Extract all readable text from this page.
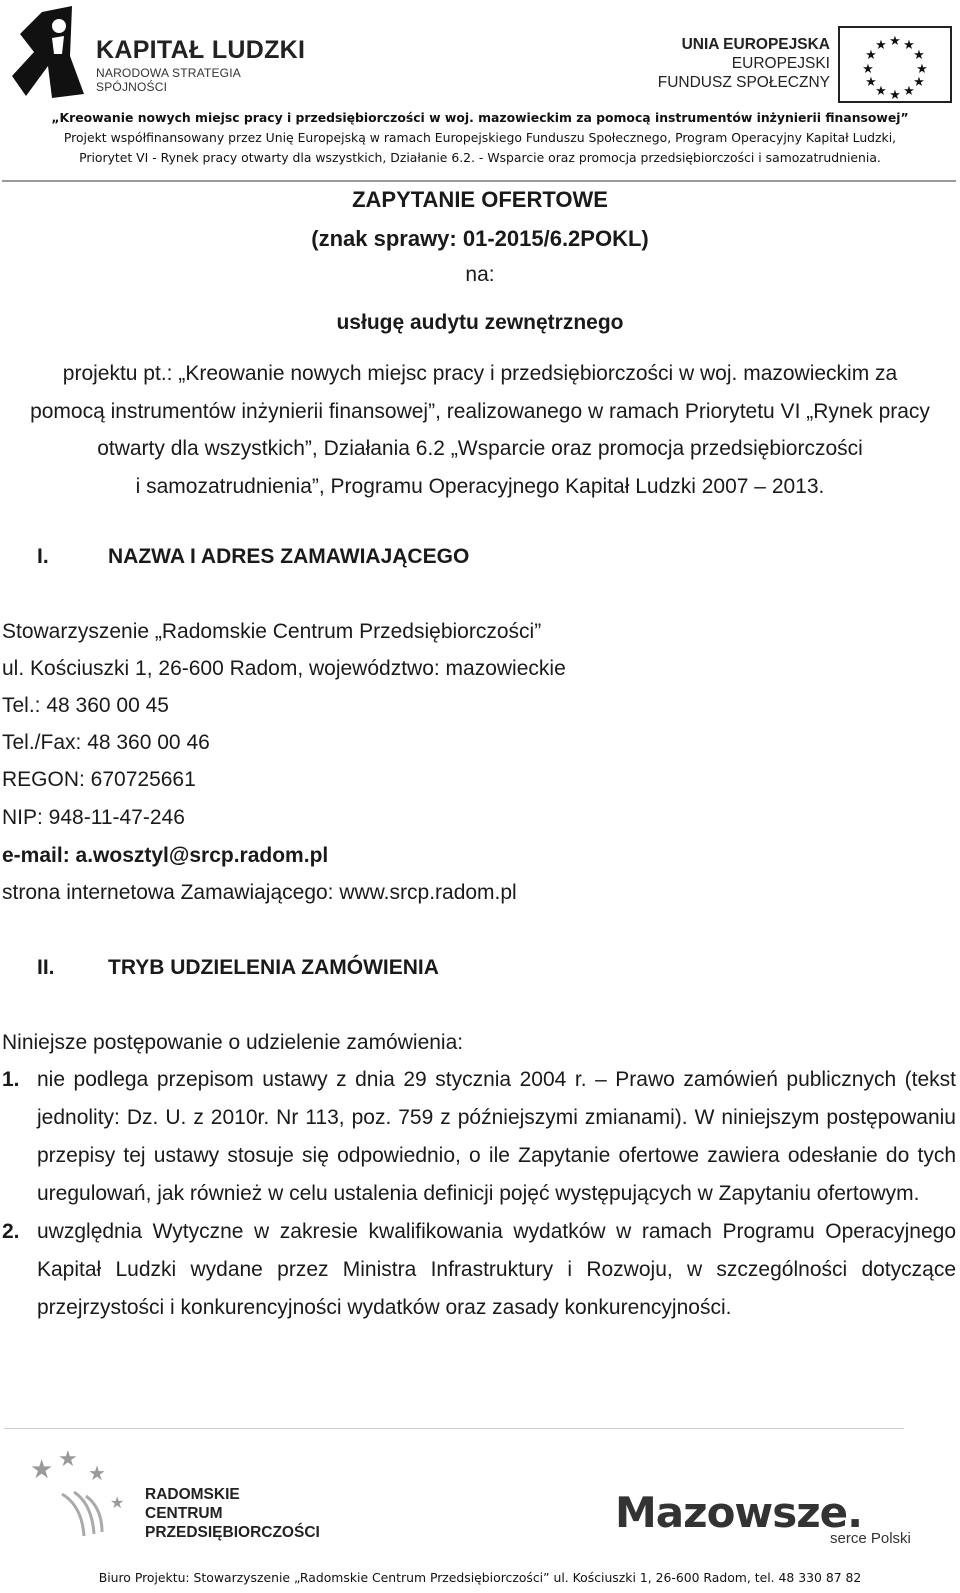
KAPITAŁ LUDZKI
NARODOWA STRATEGIA SPÓJNOŚCI
UNIA EUROPEJSKA
EUROPEJSKI
FUNDUSZ SPOŁECZNY
★ ★
★
★
★
★
★
★
★
★
★
★
„Kreowanie nowych miejsc pracy i przedsiębiorczości w woj. mazowieckim za pomocą instrumentów inżynierii finansowej”
Projekt współfinansowany przez Unię Europejską w ramach Europejskiego Funduszu Społecznego, Program Operacyjny Kapitał Ludzki,
Priorytet VI - Rynek pracy otwarty dla wszystkich, Działanie 6.2. - Wsparcie oraz promocja przedsiębiorczości i samozatrudnienia.
ZAPYTANIE OFERTOWE
(znak sprawy: 01-2015/6.2POKL)
na:
usługę audytu zewnętrznego
projektu pt.: „Kreowanie nowych miejsc pracy i przedsiębiorczości w woj. mazowieckim za
pomocą instrumentów inżynierii finansowej”, realizowanego w ramach Priorytetu VI „Rynek pracy
otwarty dla wszystkich”, Działania 6.2 „Wsparcie oraz promocja przedsiębiorczości
i samozatrudnienia”, Programu Operacyjnego Kapitał Ludzki 2007 – 2013.
I.	NAZWA I ADRES ZAMAWIAJĄCEGO
Stowarzyszenie „Radomskie Centrum Przedsiębiorczości”
ul. Kościuszki 1, 26-600 Radom, województwo: mazowieckie
Tel.: 48 360 00 45
Tel./Fax: 48 360 00 46
REGON: 670725661
NIP: 948-11-47-246
e-mail: a.wosztyl@srcp.radom.pl
strona internetowa Zamawiającego: www.srcp.radom.pl
II.	TRYB UDZIELENIA ZAMÓWIENIA
Niniejsze postępowanie o udzielenie zamówienia:
1. nie podlega przepisom ustawy z dnia 29 stycznia 2004 r. – Prawo zamówień publicznych (tekst jednolity: Dz. U. z 2010r. Nr 113, poz. 759 z późniejszymi zmianami). W niniejszym postępowaniu przepisy tej ustawy stosuje się odpowiednio, o ile Zapytanie ofertowe zawiera odesłanie do tych uregulowań, jak również w celu ustalenia definicji pojęć występujących w Zapytaniu ofertowym.
2. uwzględnia Wytyczne w zakresie kwalifikowania wydatków w ramach Programu Operacyjnego Kapitał Ludzki wydane przez Ministra Infrastruktury i Rozwoju, w szczególności dotyczące przejrzystości i konkurencyjności wydatków oraz zasady konkurencyjności.
★ ★
★
★ RADOMSKIE
CENTRUM
PRZEDSIĘBIORCZOŚCI	Mazowsze.
serce Polski
Biuro Projektu: Stowarzyszenie „Radomskie Centrum Przedsiębiorczości” ul. Kościuszki 1, 26-600 Radom, tel. 48 330 87 82
